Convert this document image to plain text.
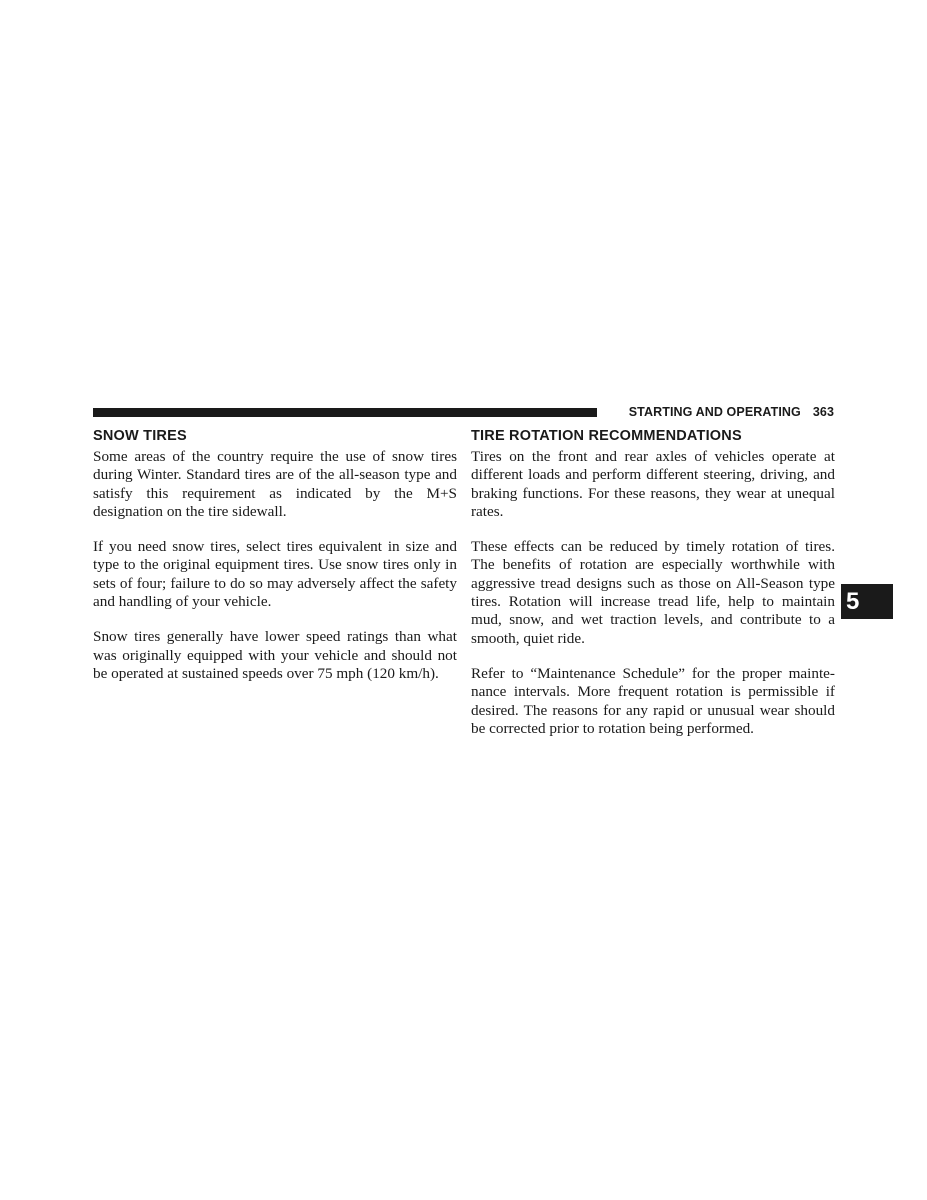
STARTING AND OPERATING 363
SNOW TIRES

Some areas of the country require the use of snow tires during Winter. Standard tires are of the all-season type and satisfy this requirement as indicated by the M+S designation on the tire sidewall.

If you need snow tires, select tires equivalent in size and type to the original equipment tires. Use snow tires only in sets of four; failure to do so may adversely affect the safety and handling of your vehicle.

Snow tires generally have lower speed ratings than what was originally equipped with your vehicle and should not be operated at sustained speeds over 75 mph (120 km/h).

TIRE ROTATION RECOMMENDATIONS

Tires on the front and rear axles of vehicles operate at different loads and perform different steering, driving, and braking functions. For these reasons, they wear at unequal rates.

These effects can be reduced by timely rotation of tires. The benefits of rotation are especially worthwhile with aggressive tread designs such as those on All-Season type tires. Rotation will increase tread life, help to maintain mud, snow, and wet traction levels, and contribute to a smooth, quiet ride.

Refer to “Maintenance Schedule” for the proper mainte-nance intervals. More frequent rotation is permissible if desired. The reasons for any rapid or unusual wear should be corrected prior to rotation being performed.

5
